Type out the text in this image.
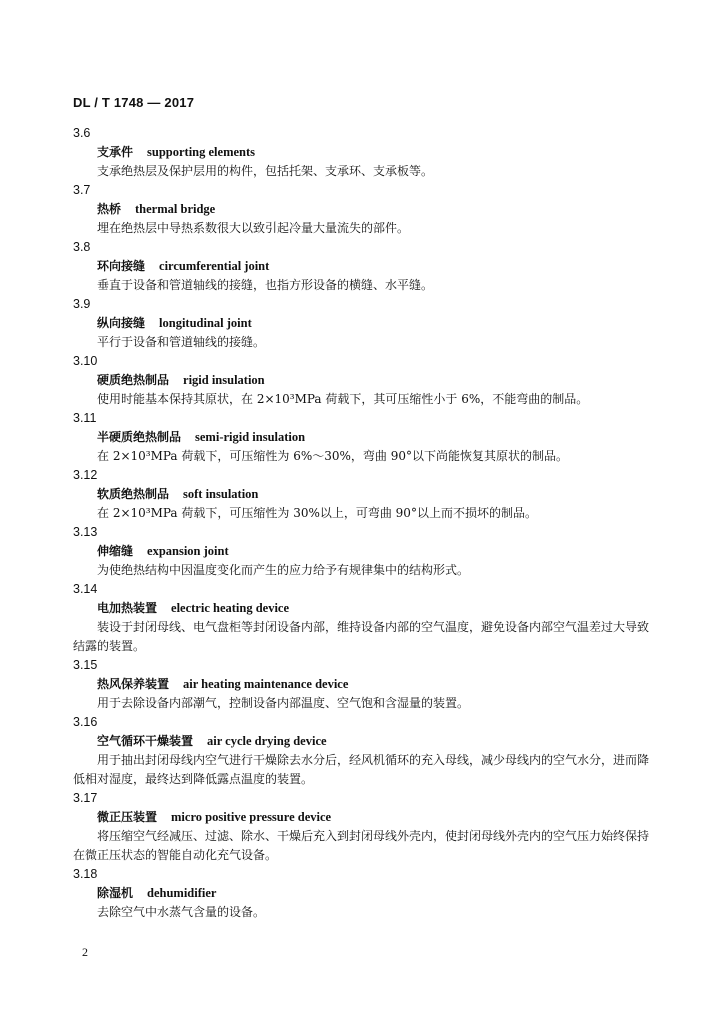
DL / T 1748 — 2017
3.6
支承件 supporting elements
支承绝热层及保护层用的构件，包括托架、支承环、支承板等。
3.7
热桥 thermal bridge
埋在绝热层中导热系数很大以致引起冷量大量流失的部件。
3.8
环向接缝 circumferential joint
垂直于设备和管道轴线的接缝，也指方形设备的横缝、水平缝。
3.9
纵向接缝 longitudinal joint
平行于设备和管道轴线的接缝。
3.10
硬质绝热制品 rigid insulation
使用时能基本保持其原状，在 2×10³MPa 荷载下，其可压缩性小于 6%，不能弯曲的制品。
3.11
半硬质绝热制品 semi-rigid insulation
在 2×10³MPa 荷载下，可压缩性为 6%～30%，弯曲 90°以下尚能恢复其原状的制品。
3.12
软质绝热制品 soft insulation
在 2×10³MPa 荷载下，可压缩性为 30%以上，可弯曲 90°以上而不损坏的制品。
3.13
伸缩缝 expansion joint
为使绝热结构中因温度变化而产生的应力给予有规律集中的结构形式。
3.14
电加热装置 electric heating device
装设于封闭母线、电气盘柜等封闭设备内部，维持设备内部的空气温度，避免设备内部空气温差过大导致结露的装置。
3.15
热风保养装置 air heating maintenance device
用于去除设备内部潮气，控制设备内部温度、空气饱和含湿量的装置。
3.16
空气循环干燥装置 air cycle drying device
用于抽出封闭母线内空气进行干燥除去水分后，经风机循环的充入母线，减少母线内的空气水分，进而降低相对湿度，最终达到降低露点温度的装置。
3.17
微正压装置 micro positive pressure device
将压缩空气经减压、过滤、除水、干燥后充入到封闭母线外壳内，使封闭母线外壳内的空气压力始终保持在微正压状态的智能自动化充气设备。
3.18
除湿机 dehumidifier
去除空气中水蒸气含量的设备。
2
